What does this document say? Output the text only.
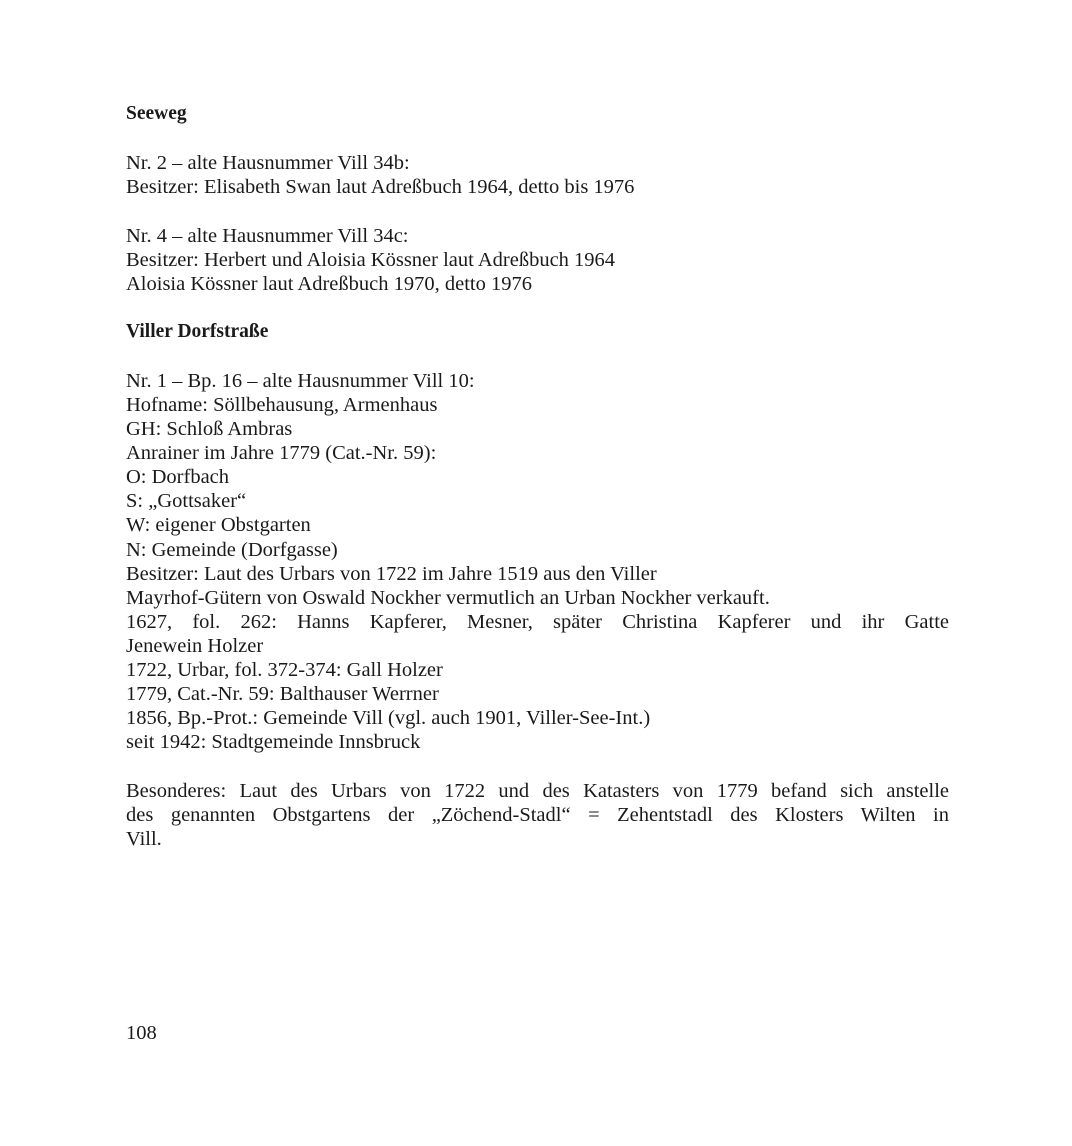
Seeweg
Nr. 2 – alte Hausnummer Vill 34b:
Besitzer: Elisabeth Swan laut Adreßbuch 1964, detto bis 1976
Nr. 4 – alte Hausnummer Vill 34c:
Besitzer: Herbert und Aloisia Kössner laut Adreßbuch 1964
Aloisia Kössner laut Adreßbuch 1970, detto 1976
Viller Dorfstraße
Nr. 1 – Bp. 16 – alte Hausnummer Vill 10:
Hofname: Söllbehausung, Armenhaus
GH: Schloß Ambras
Anrainer im Jahre 1779 (Cat.-Nr. 59):
O: Dorfbach
S: „Gottsaker“
W: eigener Obstgarten
N: Gemeinde (Dorfgasse)
Besitzer: Laut des Urbars von 1722 im Jahre 1519 aus den Viller
Mayrhof-Gütern von Oswald Nockher vermutlich an Urban Nockher verkauft.
1627, fol. 262: Hanns Kapferer, Mesner, später Christina Kapferer und ihr Gatte
Jenewein Holzer
1722, Urbar, fol. 372-374: Gall Holzer
1779, Cat.-Nr. 59: Balthauser Werrner
1856, Bp.-Prot.: Gemeinde Vill (vgl. auch 1901, Viller-See-Int.)
seit 1942: Stadtgemeinde Innsbruck
Besonderes: Laut des Urbars von 1722 und des Katasters von 1779 befand sich anstelle
des genannten Obstgartens der „Zöchend-Stadl“ = Zehentstadl des Klosters Wilten in
Vill.
108
